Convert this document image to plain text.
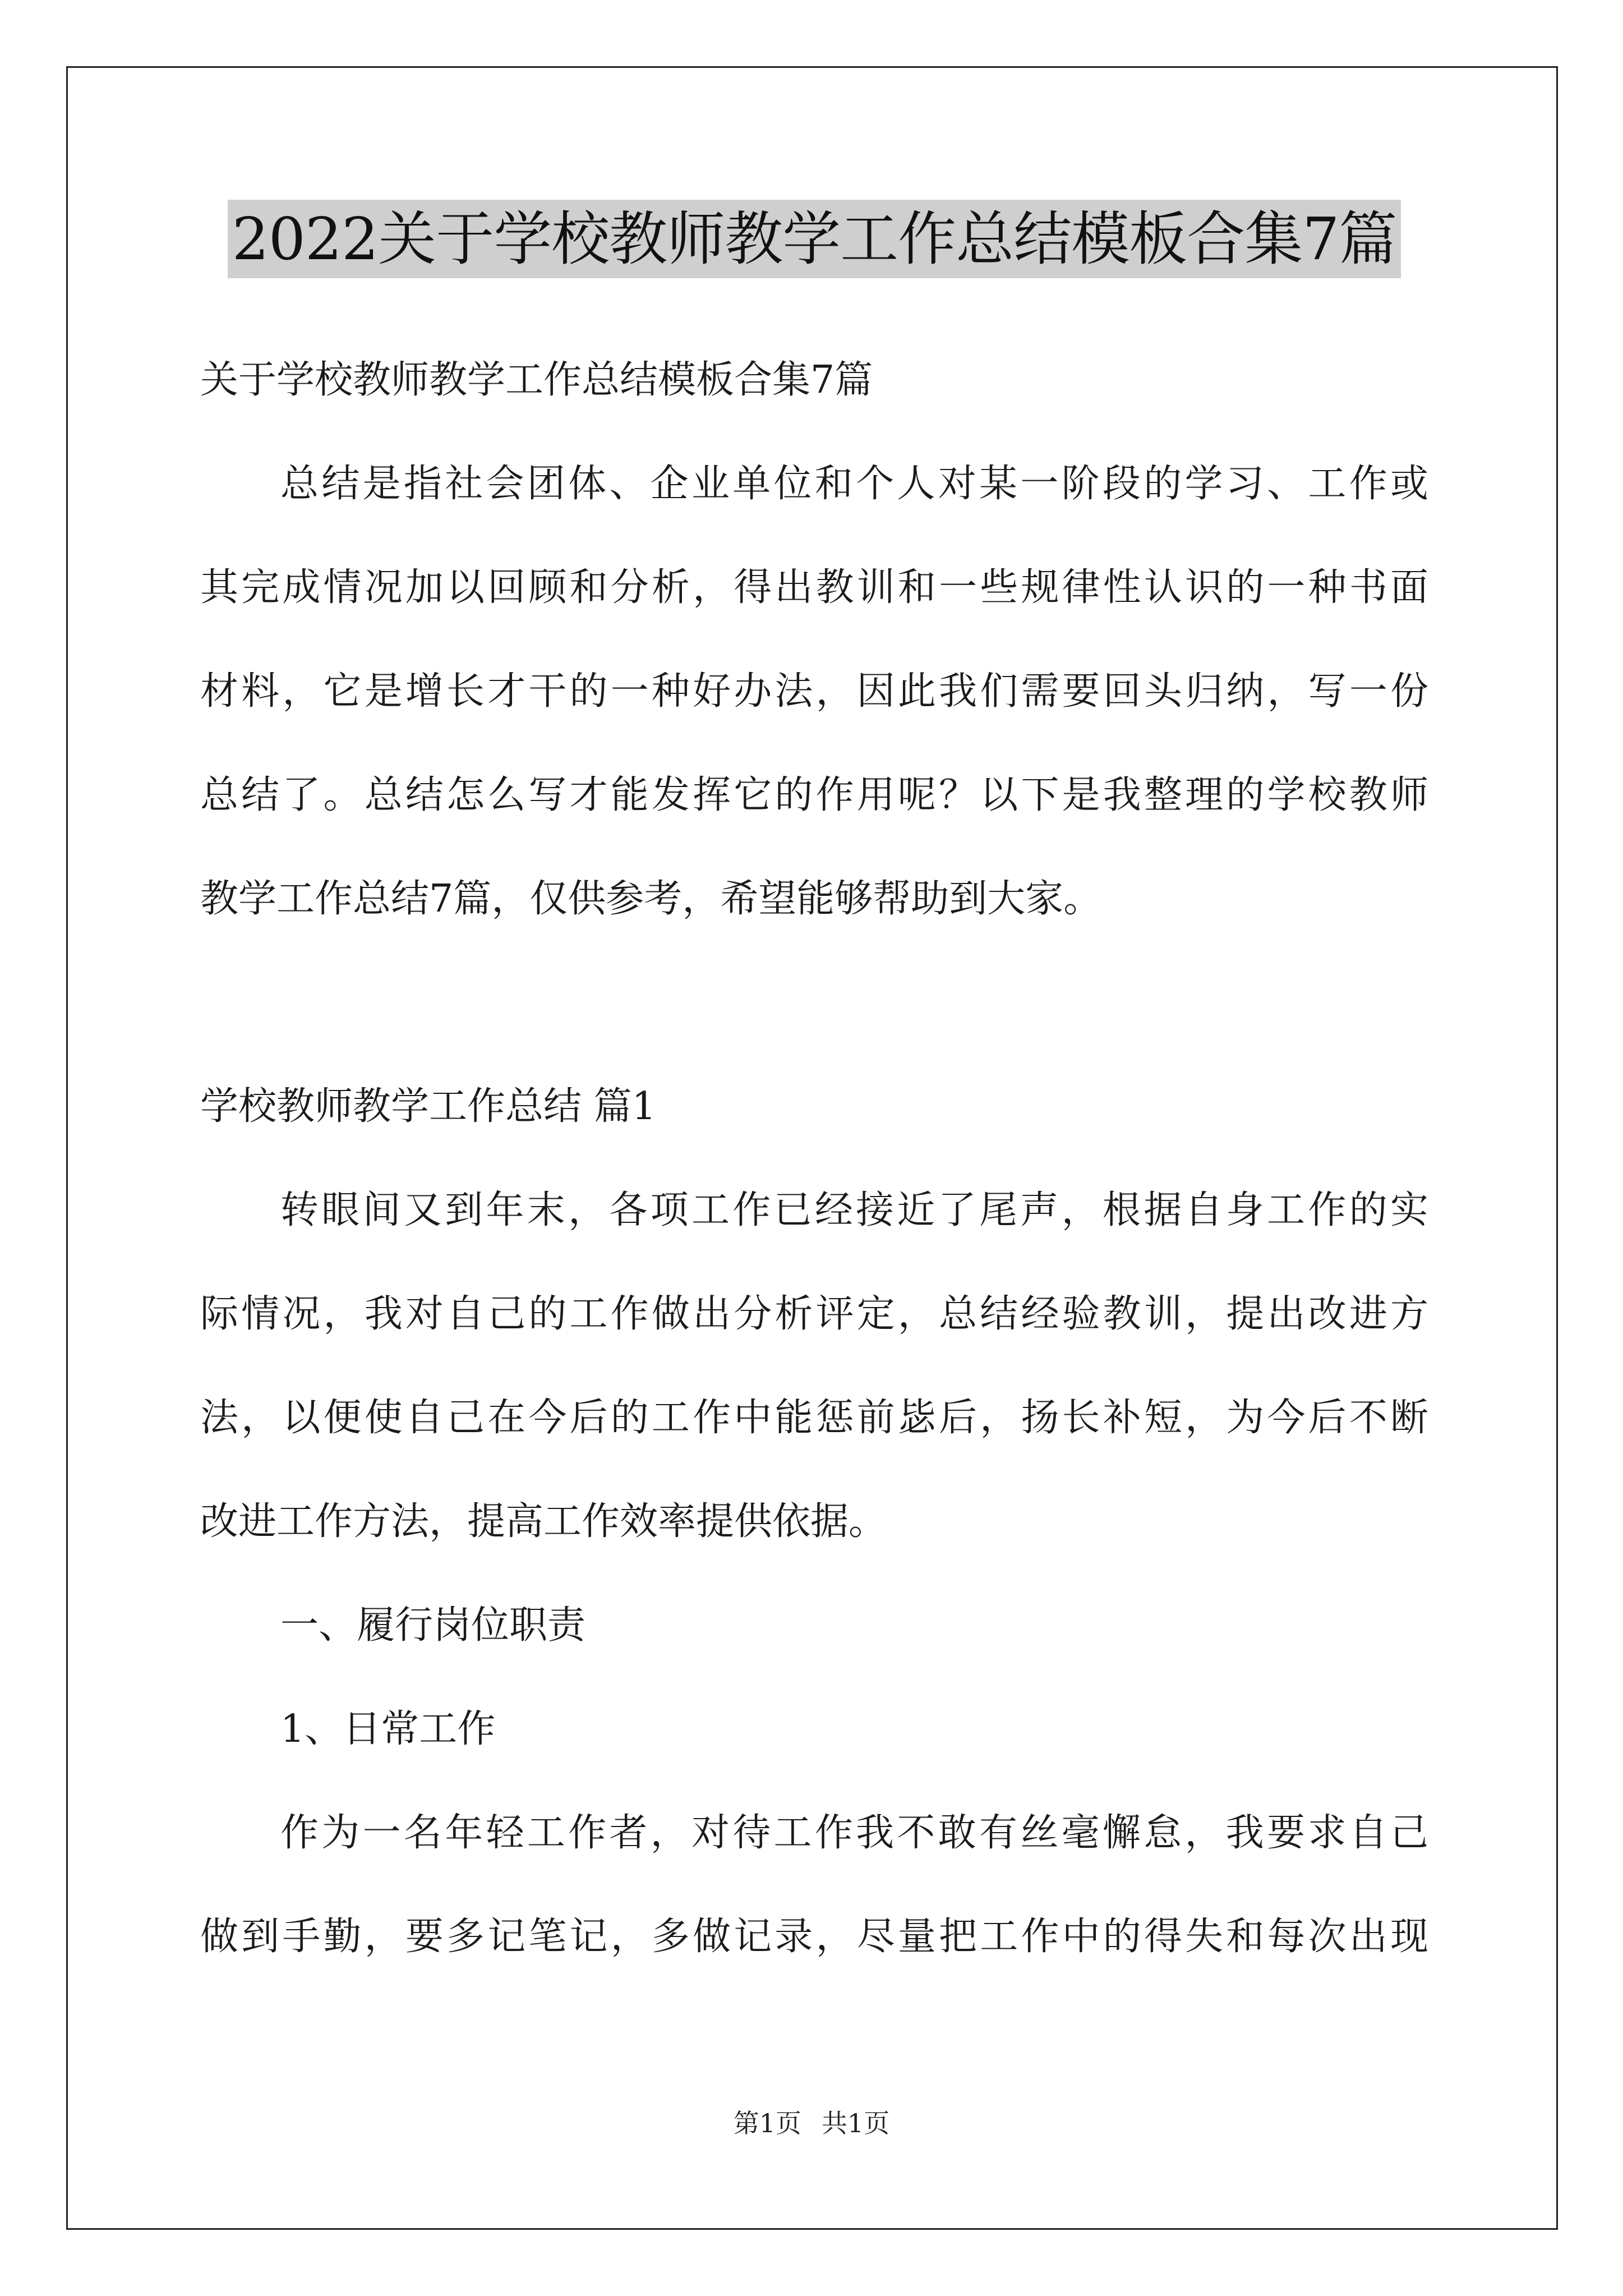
2022关于学校教师教学工作总结模板合集7篇
关于学校教师教学工作总结模板合集7篇
总结是指社会团体、企业单位和个人对某一阶段的学习、工作或
其完成情况加以回顾和分析，得出教训和一些规律性认识的一种书面
材料，它是增长才干的一种好办法，因此我们需要回头归纳，写一份
总结了。总结怎么写才能发挥它的作用呢？以下是我整理的学校教师
教学工作总结7篇，仅供参考，希望能够帮助到大家。
学校教师教学工作总结 篇1
转眼间又到年末，各项工作已经接近了尾声，根据自身工作的实
际情况，我对自己的工作做出分析评定，总结经验教训，提出改进方
法，以便使自己在今后的工作中能惩前毖后，扬长补短，为今后不断
改进工作方法，提高工作效率提供依据。
一、履行岗位职责
1、日常工作
作为一名年轻工作者，对待工作我不敢有丝毫懈怠，我要求自己
做到手勤，要多记笔记，多做记录，尽量把工作中的得失和每次出现
第1页 共1页
